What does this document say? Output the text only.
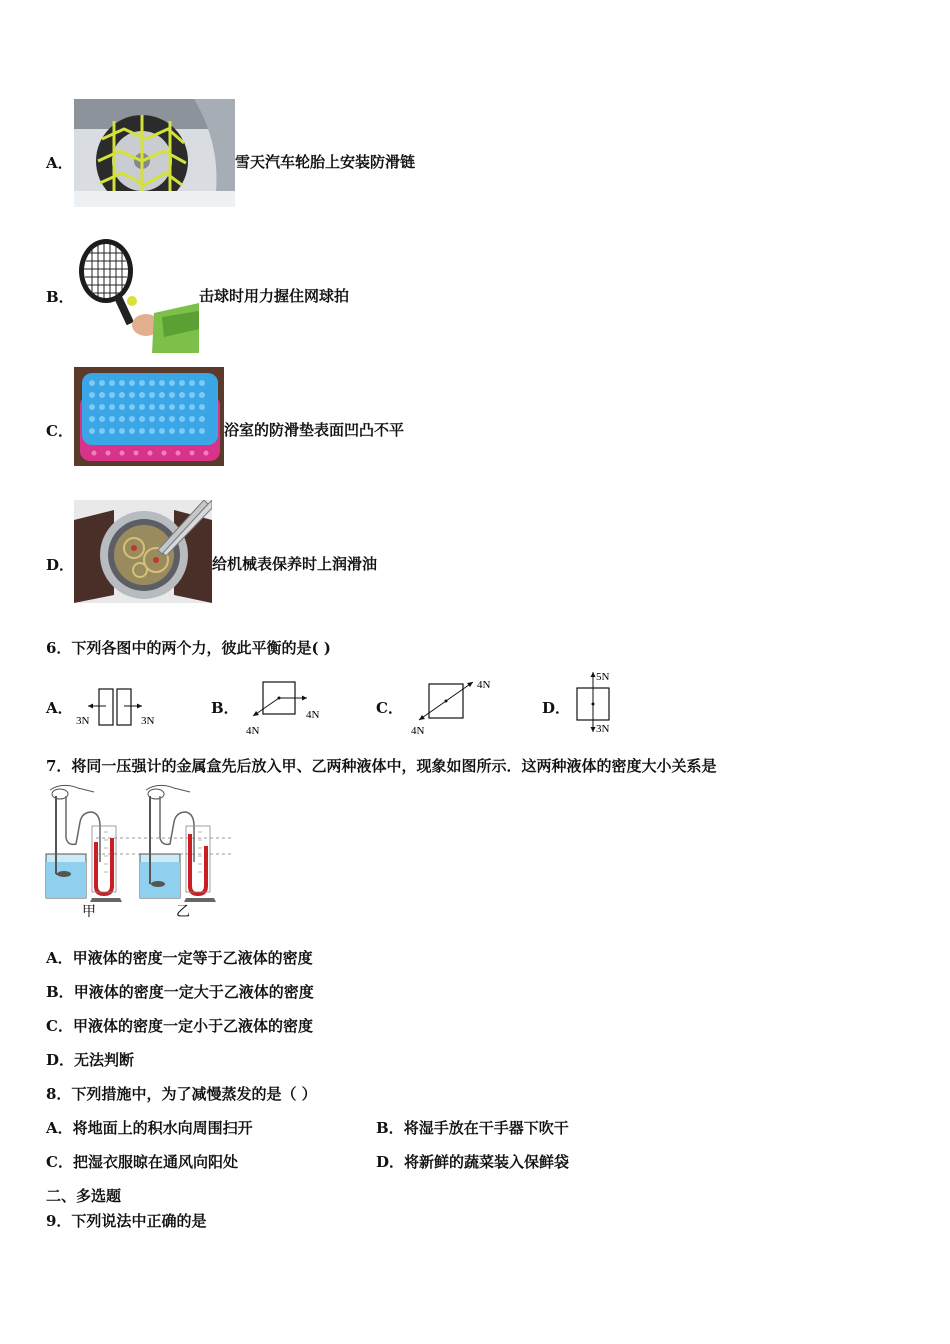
A．	雪天汽车轮胎上安装防滑链
B．	击球时用力握住网球拍
C．	浴室的防滑垫表面凹凸不平
D．	给机械表保养时上润滑油
6．下列各图中的两个力，彼此平衡的是( )
A．
3N	3N
B．	4N
4N
C．
4N
4N
D．
5N
3N
7．将同一压强计的金属盒先后放入甲、乙两种液体中，现象如图所示．这两种液体的密度大小关系是
甲	乙
A．甲液体的密度一定等于乙液体的密度
B．甲液体的密度一定大于乙液体的密度
C．甲液体的密度一定小于乙液体的密度
D．无法判断
8．下列措施中，为了减慢蒸发的是（ ）
A．将地面上的积水向周围扫开	B．将湿手放在干手器下吹干
C．把湿衣服晾在通风向阳处	D．将新鲜的蔬菜装入保鲜袋
二、多选题
9．下列说法中正确的是
